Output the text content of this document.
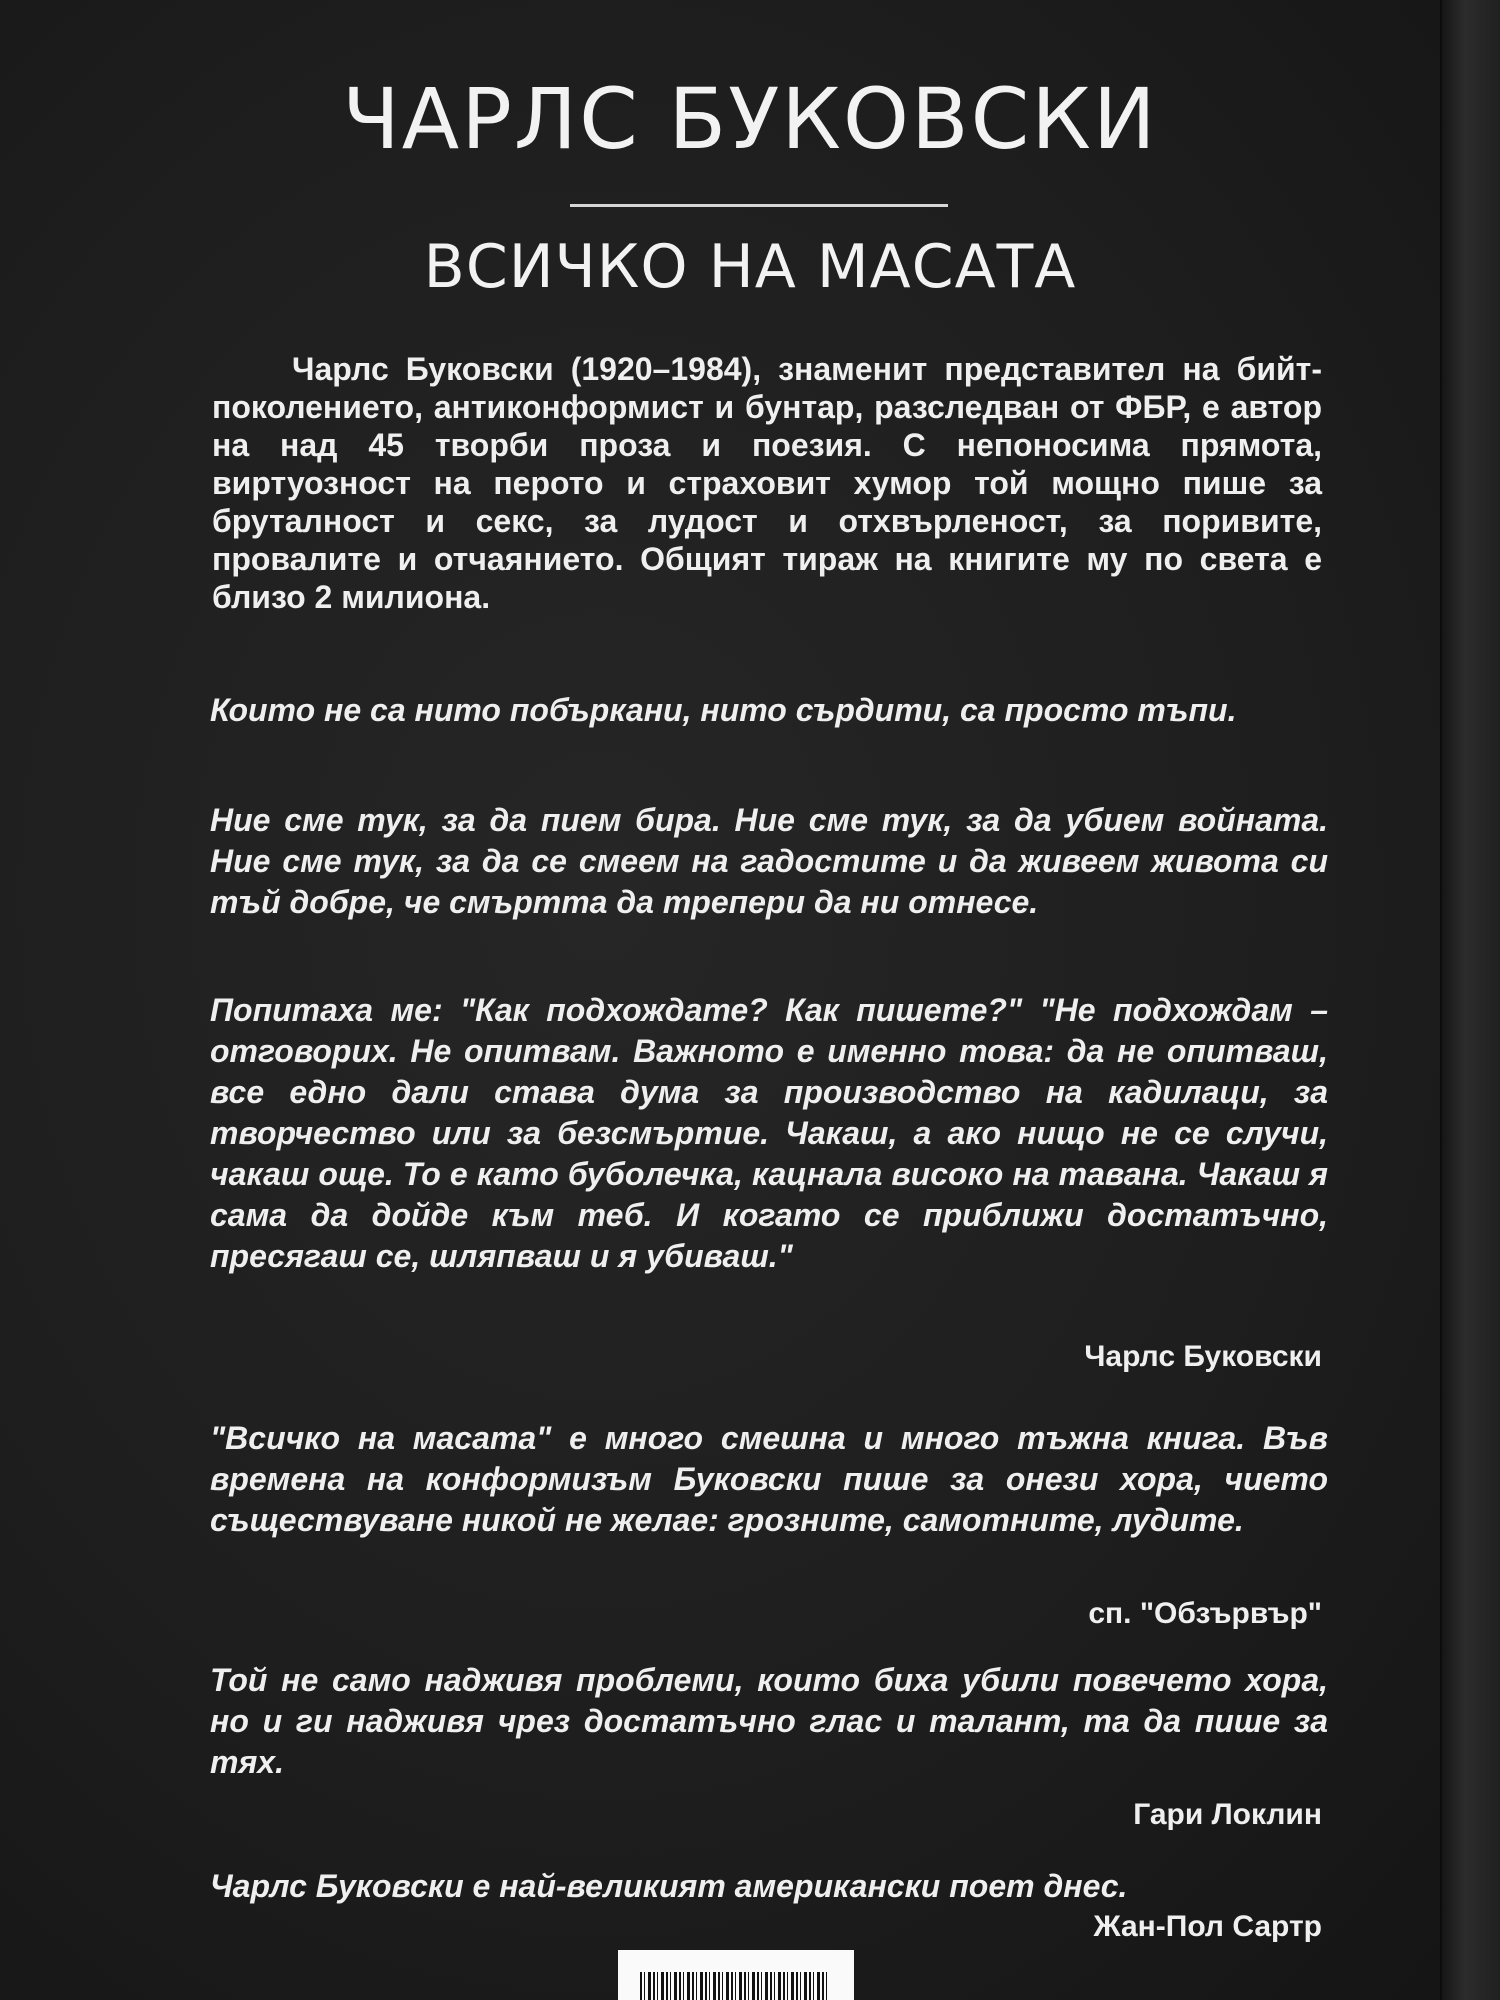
ЧАРЛС БУКОВСКИ
ВСИЧКО НА МАСАТА

Чарлс Буковски (1920–1984), знаменит представител на бийт-поколението, антиконформист и бунтар, разследван от ФБР, е автор на над 45 творби проза и поезия. С непоносима прямота, виртуозност на перото и страховит хумор той мощно пише за бруталност и секс, за лудост и отхвърленост, за поривите, провалите и отчаянието. Общият тираж на книгите му по света е близо 2 милиона.

Които не са нито побъркани, нито сърдити, са просто тъпи.

Ние сме тук, за да пием бира. Ние сме тук, за да убием войната. Ние сме тук, за да се смеем на гадостите и да живеем живота си тъй добре, че смъртта да трепери да ни отнесе.

Попитаха ме: "Как подхождате? Как пишете?" "Не подхождам – отговорих. Не опитвам. Важното е именно това: да не опитваш, все едно дали става дума за производство на кадилаци, за творчество или за безсмъртие. Чакаш, а ако нищо не се случи, чакаш още. То е като буболечка, кацнала високо на тавана. Чакаш я сама да дойде към теб. И когато се приближи достатъчно, пресягаш се, шляпваш и я убиваш."

Чарлс Буковски

"Всичко на масата" е много смешна и много тъжна книга. Във времена на конформизъм Буковски пише за онези хора, чието съществуване никой не желае: грозните, самотните, лудите.

сп. "Обзървър"

Той не само надживя проблеми, които биха убили повечето хора, но и ги надживя чрез достатъчно глас и талант, та да пише за тях.

Гари Локлин

Чарлс Буковски е най-великият американски поет днес.

Жан-Пол Сартр
